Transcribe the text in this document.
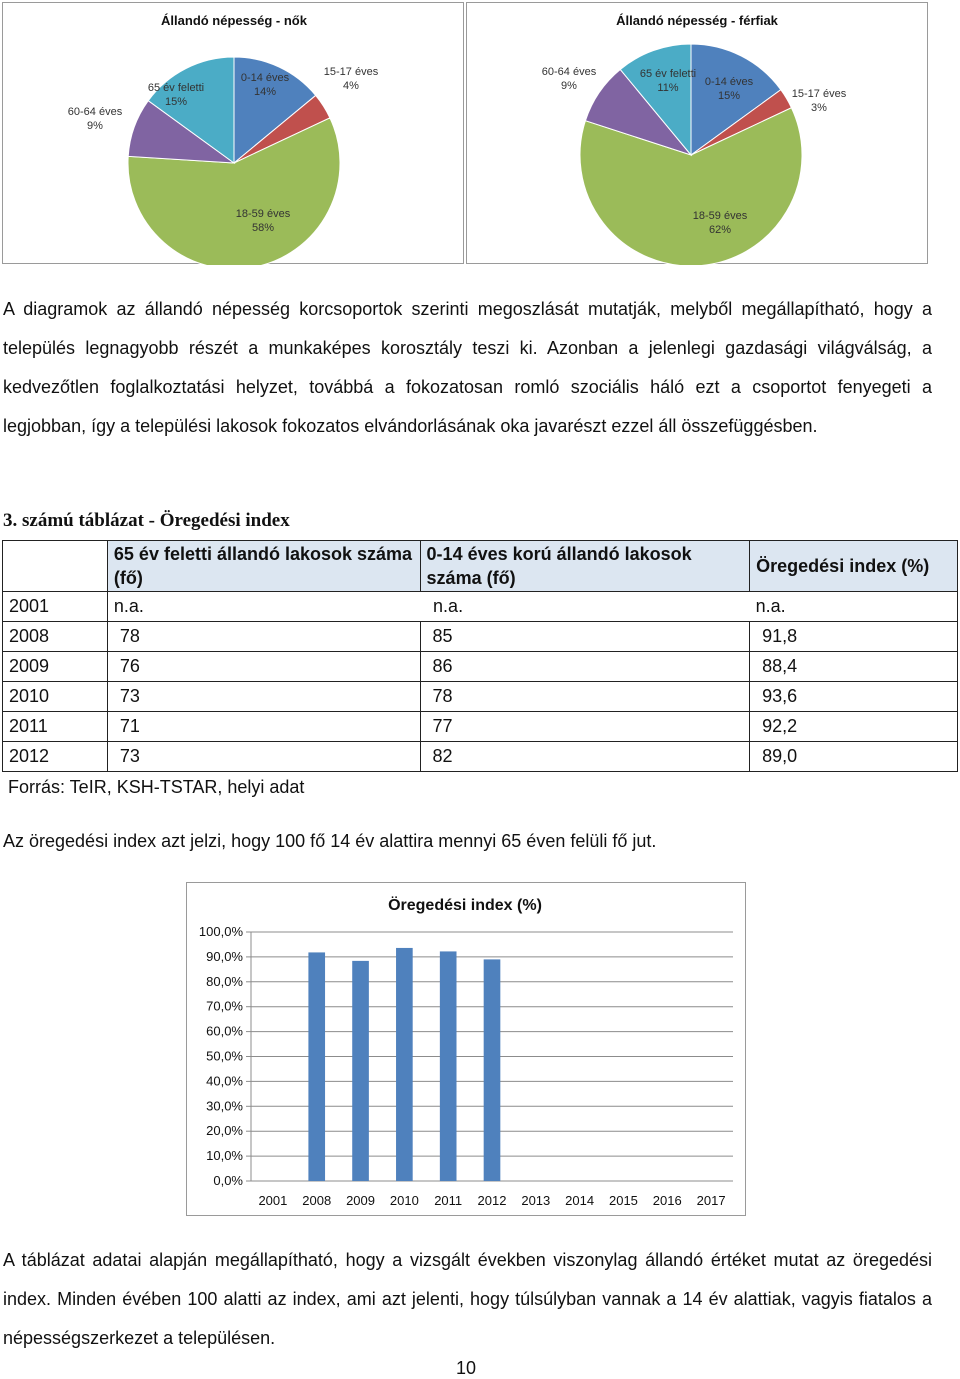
Állandó népesség - nők
0-14 éves 14%
15-17 éves 4%
18-59 éves 58%
60-64 éves 9%
65 év feletti 15%
Állandó népesség - férfiak
0-14 éves 15%	15-17 éves 3%
18-59 éves 62%
60-64 éves 9%
65 év feletti 11%

A diagramok az állandó népesség korcsoportok szerinti megoszlását mutatják, melyből megállapítható, hogy a település legnagyobb részét a munkaképes korosztály teszi ki. Azonban a jelenlegi gazdasági világválság, a kedvezőtlen foglalkoztatási helyzet, továbbá a fokozatosan romló szociális háló ezt a csoportot fenyegeti a legjobban, így a települési lakosok fokozatos elvándorlásának oka javarészt ezzel áll összefüggésben.

3. számú táblázat - Öregedési index
	65 év feletti állandó lakosok száma (fő)	0-14 éves korú állandó lakosok száma (fő)	Öregedési index (%)
2001	n.a.	n.a.	n.a.
2008	78	85	91,8
2009	76	86	88,4
2010	73	78	93,6
2011	71	77	92,2
2012	73	82	89,0
Forrás: TeIR, KSH-TSTAR, helyi adat

Az öregedési index azt jelzi, hogy 100 fő 14 év alattira mennyi 65 éven felüli fő jut.

Öregedési index (%)
0,0%
10,0%
20,0%
30,0%
40,0%
50,0%
60,0%
70,0%
80,0%
90,0%
100,0%
2001 2008 2009 2010 2011 2012 2013 2014 2015 2016 2017

A táblázat adatai alapján megállapítható, hogy a vizsgált években viszonylag állandó értéket mutat az öregedési index. Minden évében 100 alatti az index, ami azt jelenti, hogy túlsúlyban vannak a 14 év alattiak, vagyis fiatalos a népességszerkezet a településen.

10
